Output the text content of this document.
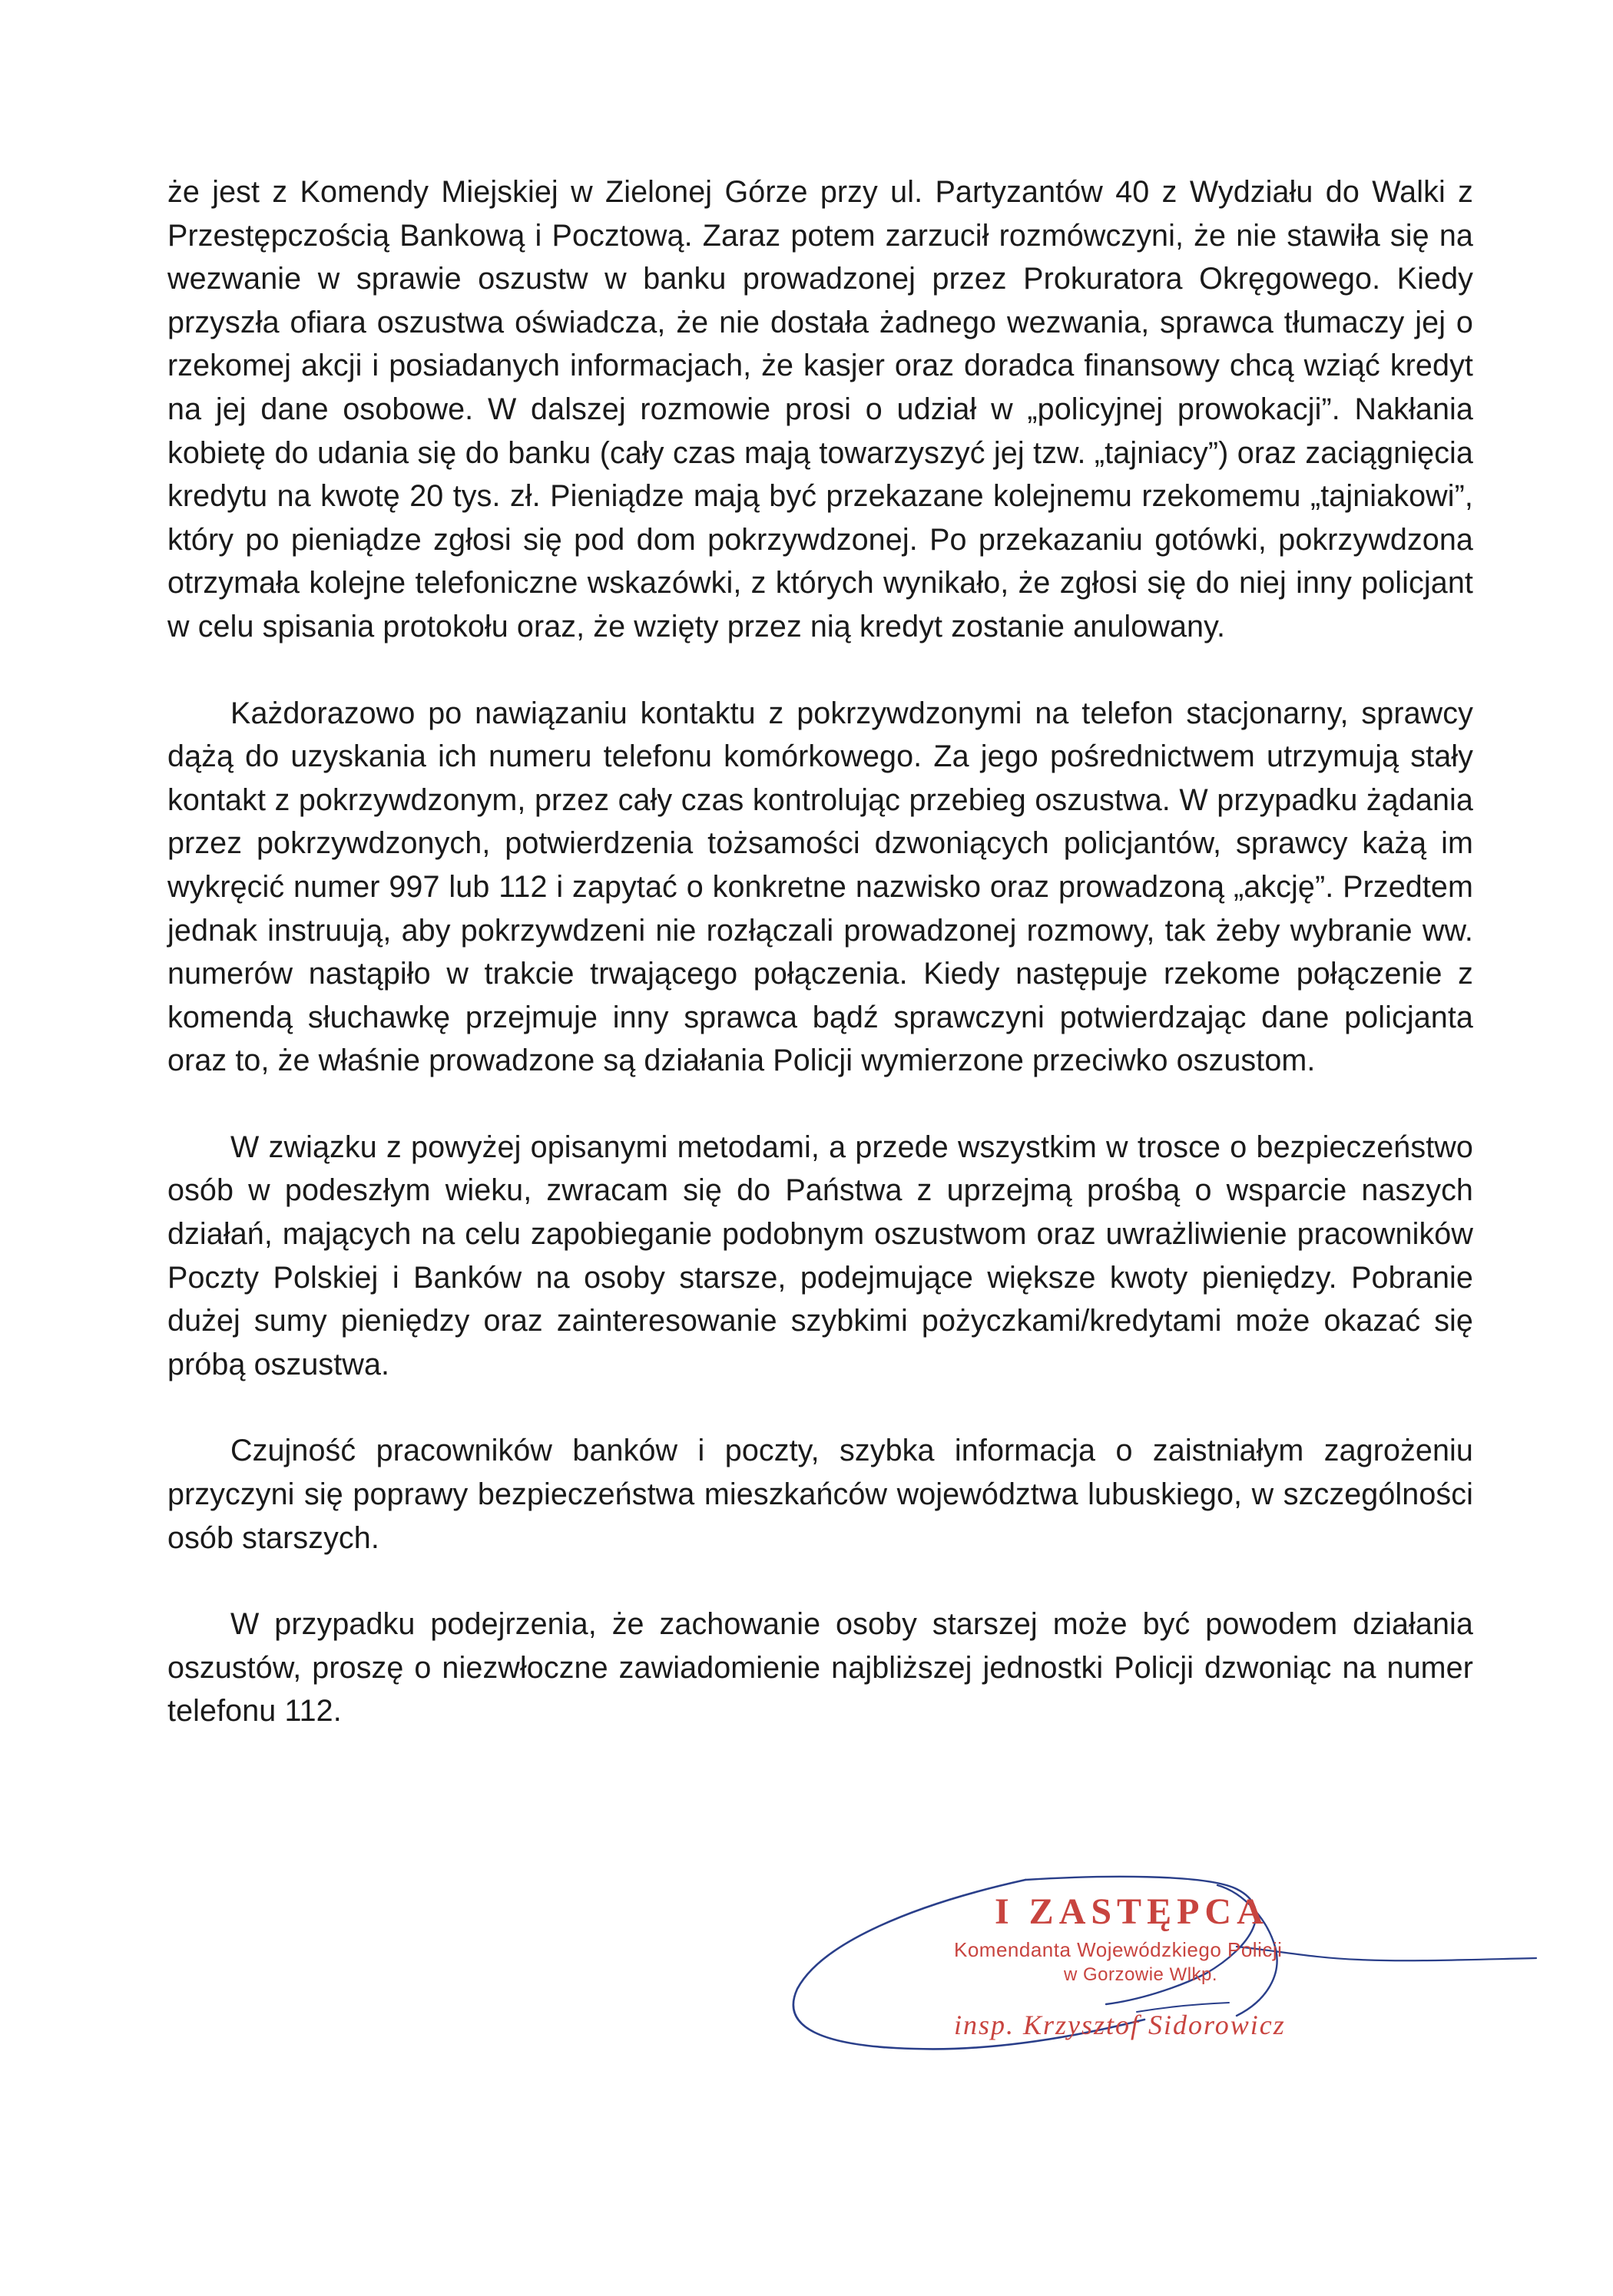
że jest z Komendy Miejskiej w Zielonej Górze przy ul. Partyzantów 40 z Wydziału do Walki z Przestępczością Bankową i Pocztową. Zaraz potem zarzucił rozmówczyni, że nie stawiła się na wezwanie w sprawie oszustw w banku prowadzonej przez Prokuratora Okręgowego. Kiedy przyszła ofiara oszustwa oświadcza, że nie dostała żadnego wezwania, sprawca tłumaczy jej o rzekomej akcji i posiadanych informacjach, że kasjer oraz doradca finansowy chcą wziąć kredyt na jej dane osobowe. W dalszej rozmowie prosi o udział w „policyjnej prowokacji”. Nakłania kobietę do udania się do banku (cały czas mają towarzyszyć jej tzw. „tajniacy”) oraz zaciągnięcia kredytu na kwotę 20 tys. zł. Pieniądze mają być przekazane kolejnemu rzekomemu „tajniakowi”, który po pieniądze zgłosi się pod dom pokrzywdzonej. Po przekazaniu gotówki, pokrzywdzona otrzymała kolejne telefoniczne wskazówki, z których wynikało, że zgłosi się do niej inny policjant w celu spisania protokołu oraz, że wzięty przez nią kredyt zostanie anulowany.

Każdorazowo po nawiązaniu kontaktu z pokrzywdzonymi na telefon stacjonarny, sprawcy dążą do uzyskania ich numeru telefonu komórkowego. Za jego pośrednictwem utrzymują stały kontakt z pokrzywdzonym, przez cały czas kontrolując przebieg oszustwa. W przypadku żądania przez pokrzywdzonych, potwierdzenia tożsamości dzwoniących policjantów, sprawcy każą im wykręcić numer 997 lub 112 i zapytać o konkretne nazwisko oraz prowadzoną „akcję”. Przedtem jednak instruują, aby pokrzywdzeni nie rozłączali prowadzonej rozmowy, tak żeby wybranie ww. numerów nastąpiło w trakcie trwającego połączenia. Kiedy następuje rzekome połączenie z komendą słuchawkę przejmuje inny sprawca bądź sprawczyni potwierdzając dane policjanta oraz to, że właśnie prowadzone są działania Policji wymierzone przeciwko oszustom.

W związku z powyżej opisanymi metodami, a przede wszystkim w trosce o bezpieczeństwo osób w podeszłym wieku, zwracam się do Państwa z uprzejmą prośbą o wsparcie naszych działań, mających na celu zapobieganie podobnym oszustwom oraz uwrażliwienie pracowników Poczty Polskiej i Banków na osoby starsze, podejmujące większe kwoty pieniędzy. Pobranie dużej sumy pieniędzy oraz zainteresowanie szybkimi pożyczkami/kredytami może okazać się próbą oszustwa.

Czujność pracowników banków i poczty, szybka informacja o zaistniałym zagrożeniu przyczyni się poprawy bezpieczeństwa mieszkańców województwa lubuskiego, w szczególności osób starszych.

W przypadku podejrzenia, że zachowanie osoby starszej może być powodem działania oszustów, proszę o niezwłoczne zawiadomienie najbliższej jednostki Policji dzwoniąc na numer telefonu 112.

I ZASTĘPCA
Komendanta Wojewódzkiego Policji
w Gorzowie Wlkp.
insp. Krzysztof Sidorowicz
